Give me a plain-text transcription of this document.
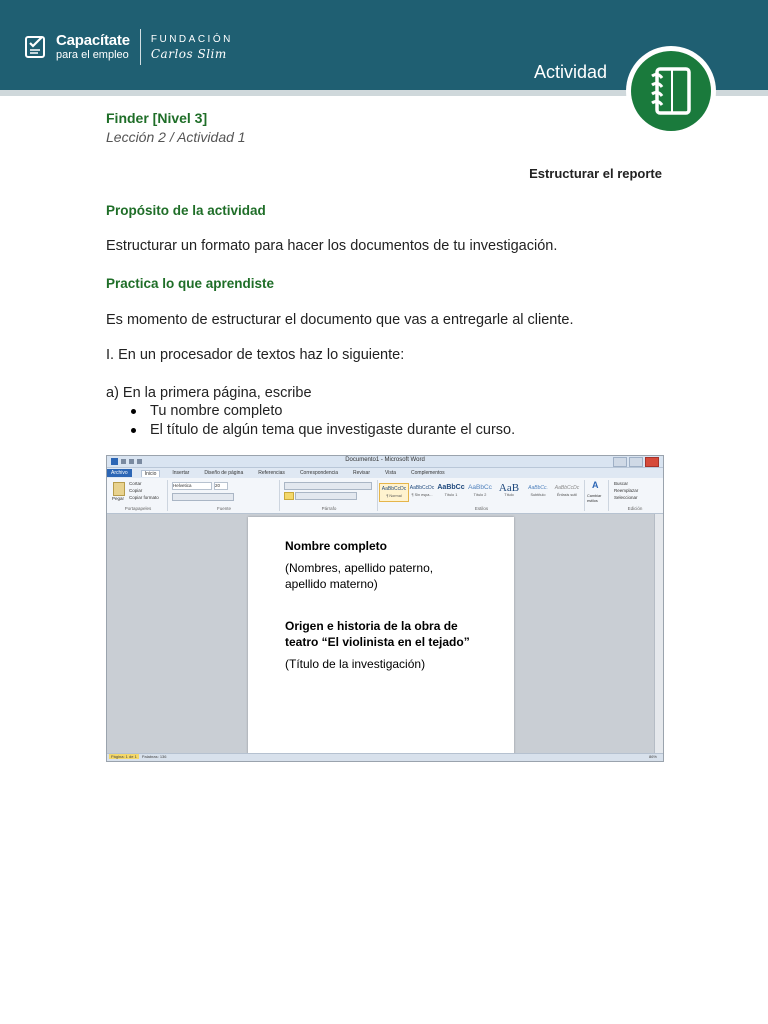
Capacítate
para el empleo
FUNDACIÓN
Carlos Slim
Actividad
Finder [Nivel 3]
Lección 2 / Actividad 1
Estructurar el reporte
Propósito de la actividad
Estructurar un formato para hacer los documentos de tu investigación.
Practica lo que aprendiste
Es momento de estructurar el documento que vas a entregarle al cliente.
I. En un procesador de textos haz lo siguiente:
a) En la primera página, escribe
Tu nombre completo
El título de algún tema que investigaste durante el curso.
Documento1 - Microsoft Word
Archivo	Inicio	Insertar	Diseño de página	Referencias	Correspondencia	Revisar	Vista	Complementos
Pegar
Cortar
Copiar
Copiar formato
Portapapeles
Helvetica	20
Fuente	Párrafo
AaBbCcDc
¶ Normal
AaBbCcDc
¶ Sin espa...
AaBbCc
Título 1
AaBbCc
Título 2
AaB
Título
AaBbCc.
Subtítulo
AaBbCcDc
Énfasis sutil
Estilos
A
Cambiar estilos
Buscar
Reemplazar
Seleccionar
Edición
Nombre completo
(Nombres, apellido paterno,
apellido materno)
Origen e historia de la obra de
teatro “El violinista en el tejado”
(Título de la investigación)
Página: 1 de 1	Palabras: 136	86%
